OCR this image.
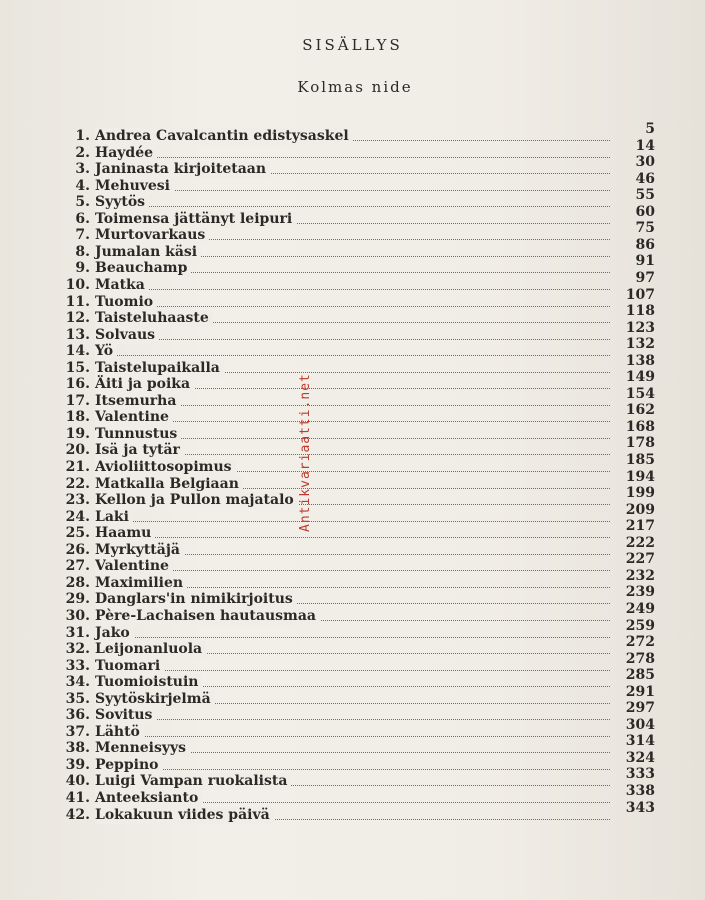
SISÄLLYS
Kolmas nide
1. Andrea Cavalcantin edistysaskel	5
2. Haydée	14
3. Janinasta kirjoitetaan	30
4. Mehuvesi	46
5. Syytös	55
6. Toimensa jättänyt leipuri	60
7. Murtovarkaus	75
8. Jumalan käsi	86
9. Beauchamp	91
10. Matka	97
11. Tuomio	107
12. Taisteluhaaste	118
13. Solvaus	123
14. Yö	132
15. Taistelupaikalla	138
16. Äiti ja poika	149
17. Itsemurha	154
18. Valentine	162
19. Tunnustus	168
20. Isä ja tytär	178
21. Avioliittosopimus	185
22. Matkalla Belgiaan	194
23. Kellon ja Pullon majatalo	199
24. Laki	209
25. Haamu	217
26. Myrkyttäjä	222
27. Valentine	227
28. Maximilien	232
29. Danglars'in nimikirjoitus	239
30. Père-Lachaisen hautausmaa	249
31. Jako	259
32. Leijonanluola	272
33. Tuomari	278
34. Tuomioistuin	285
35. Syytöskirjelmä	291
36. Sovitus	297
37. Lähtö	304
38. Menneisyys	314
39. Peppino	324
40. Luigi Vampan ruokalista	333
41. Anteeksianto	338
42. Lokakuun viides päivä	343
Antikvariaatti.net
